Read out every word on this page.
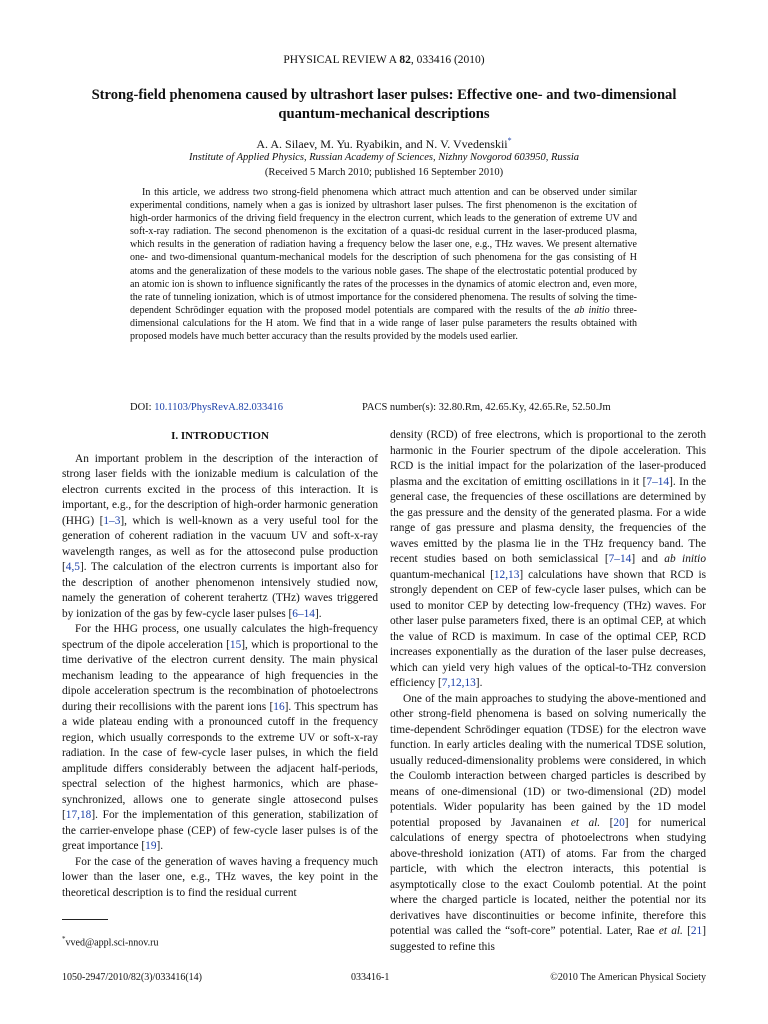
PHYSICAL REVIEW A 82, 033416 (2010)
Strong-field phenomena caused by ultrashort laser pulses: Effective one- and two-dimensional quantum-mechanical descriptions
A. A. Silaev, M. Yu. Ryabikin, and N. V. Vvedenskii*
Institute of Applied Physics, Russian Academy of Sciences, Nizhny Novgorod 603950, Russia
(Received 5 March 2010; published 16 September 2010)
In this article, we address two strong-field phenomena which attract much attention and can be observed under similar experimental conditions, namely when a gas is ionized by ultrashort laser pulses. The first phenomenon is the excitation of high-order harmonics of the driving field frequency in the electron current, which leads to the generation of extreme UV and soft-x-ray radiation. The second phenomenon is the excitation of a quasi-dc residual current in the laser-produced plasma, which results in the generation of radiation having a frequency below the laser one, e.g., THz waves. We present alternative one- and two-dimensional quantum-mechanical models for the description of such phenomena for the gas consisting of H atoms and the generalization of these models to the various noble gases. The shape of the electrostatic potential produced by an atomic ion is shown to influence significantly the rates of the processes in the dynamics of atomic electron and, even more, the rate of tunneling ionization, which is of utmost importance for the considered phenomena. The results of solving the time-dependent Schrödinger equation with the proposed model potentials are compared with the results of the ab initio three-dimensional calculations for the H atom. We find that in a wide range of laser pulse parameters the results obtained with proposed models have much better accuracy than the results provided by the models used earlier.
DOI: 10.1103/PhysRevA.82.033416	PACS number(s): 32.80.Rm, 42.65.Ky, 42.65.Re, 52.50.Jm
I. INTRODUCTION

An important problem in the description of the interaction of strong laser fields with the ionizable medium is calculation of the electron currents excited in the process of this interaction. It is important, e.g., for the description of high-order harmonic generation (HHG) [1–3], which is well-known as a very useful tool for the generation of coherent radiation in the vacuum UV and soft-x-ray wavelength ranges, as well as for the attosecond pulse production [4,5]. The calculation of the electron currents is important also for the description of another phenomenon intensively studied now, namely the generation of coherent terahertz (THz) waves triggered by ionization of the gas by few-cycle laser pulses [6–14].

For the HHG process, one usually calculates the high-frequency spectrum of the dipole acceleration [15], which is proportional to the time derivative of the electron current density. The main physical mechanism leading to the appearance of high frequencies in the dipole acceleration spectrum is the recombination of photoelectrons during their recollisions with the parent ions [16]. This spectrum has a wide plateau ending with a pronounced cutoff in the frequency region, which usually corresponds to the extreme UV or soft-x-ray radiation. In the case of few-cycle laser pulses, in which the field amplitude differs considerably between the adjacent half-periods, spectral selection of the highest harmonics, which are phase-synchronized, allows one to generate single attosecond pulses [17,18]. For the implementation of this generation, stabilization of the carrier-envelope phase (CEP) of few-cycle laser pulses is of the great importance [19].

For the case of the generation of waves having a frequency much lower than the laser one, e.g., THz waves, the key point in the theoretical description is to find the residual current

density (RCD) of free electrons, which is proportional to the zeroth harmonic in the Fourier spectrum of the dipole acceleration. This RCD is the initial impact for the polarization of the laser-produced plasma and the excitation of emitting oscillations in it [7–14]. In the general case, the frequencies of these oscillations are determined by the gas pressure and the density of the generated plasma. For a wide range of gas pressure and plasma density, the frequencies of the waves emitted by the plasma lie in the THz frequency band. The recent studies based on both semiclassical [7–14] and ab initio quantum-mechanical [12,13] calculations have shown that RCD is strongly dependent on CEP of few-cycle laser pulses, which can be used to monitor CEP by detecting low-frequency (THz) waves. For other laser pulse parameters fixed, there is an optimal CEP, at which the value of RCD is maximum. In case of the optimal CEP, RCD increases exponentially as the duration of the laser pulse decreases, which can yield very high values of the optical-to-THz conversion efficiency [7,12,13].

One of the main approaches to studying the above-mentioned and other strong-field phenomena is based on solving numerically the time-dependent Schrödinger equation (TDSE) for the electron wave function. In early articles dealing with the numerical TDSE solution, usually reduced-dimensionality problems were considered, in which the Coulomb interaction between charged particles is described by means of one-dimensional (1D) or two-dimensional (2D) model potentials. Wider popularity has been gained by the 1D model potential proposed by Javanainen et al. [20] for numerical calculations of energy spectra of photoelectrons when studying above-threshold ionization (ATI) of atoms. Far from the charged particle, with which the electron interacts, this potential is asymptotically close to the exact Coulomb potential. At the point where the charged particle is located, neither the potential nor its derivatives have discontinuities or become infinite, therefore this potential was called the “soft-core” potential. Later, Rae et al. [21] suggested to refine this

*vved@appl.sci-nnov.ru
1050-2947/2010/82(3)/033416(14)	033416-1	©2010 The American Physical Society
